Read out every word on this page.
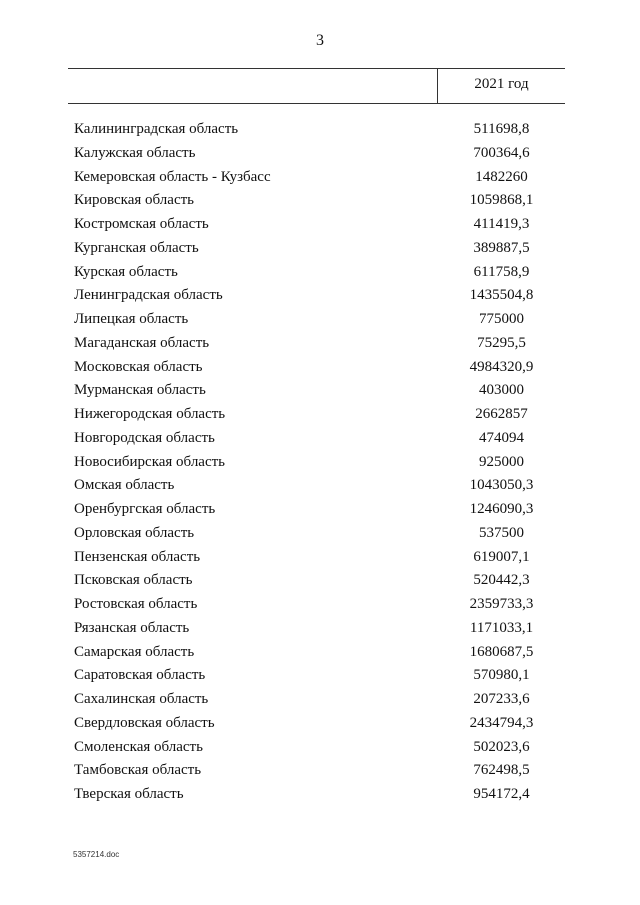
3
2021 год
Калининградская область	511698,8
Калужская область	700364,6
Кемеровская область - Кузбасс	1482260
Кировская область	1059868,1
Костромская область	411419,3
Курганская область	389887,5
Курская область	611758,9
Ленинградская область	1435504,8
Липецкая область	775000
Магаданская область	75295,5
Московская область	4984320,9
Мурманская область	403000
Нижегородская область	2662857
Новгородская область	474094
Новосибирская область	925000
Омская область	1043050,3
Оренбургская область	1246090,3
Орловская область	537500
Пензенская область	619007,1
Псковская область	520442,3
Ростовская область	2359733,3
Рязанская область	1171033,1
Самарская область	1680687,5
Саратовская область	570980,1
Сахалинская область	207233,6
Свердловская область	2434794,3
Смоленская область	502023,6
Тамбовская область	762498,5
Тверская область	954172,4
5357214.doc
